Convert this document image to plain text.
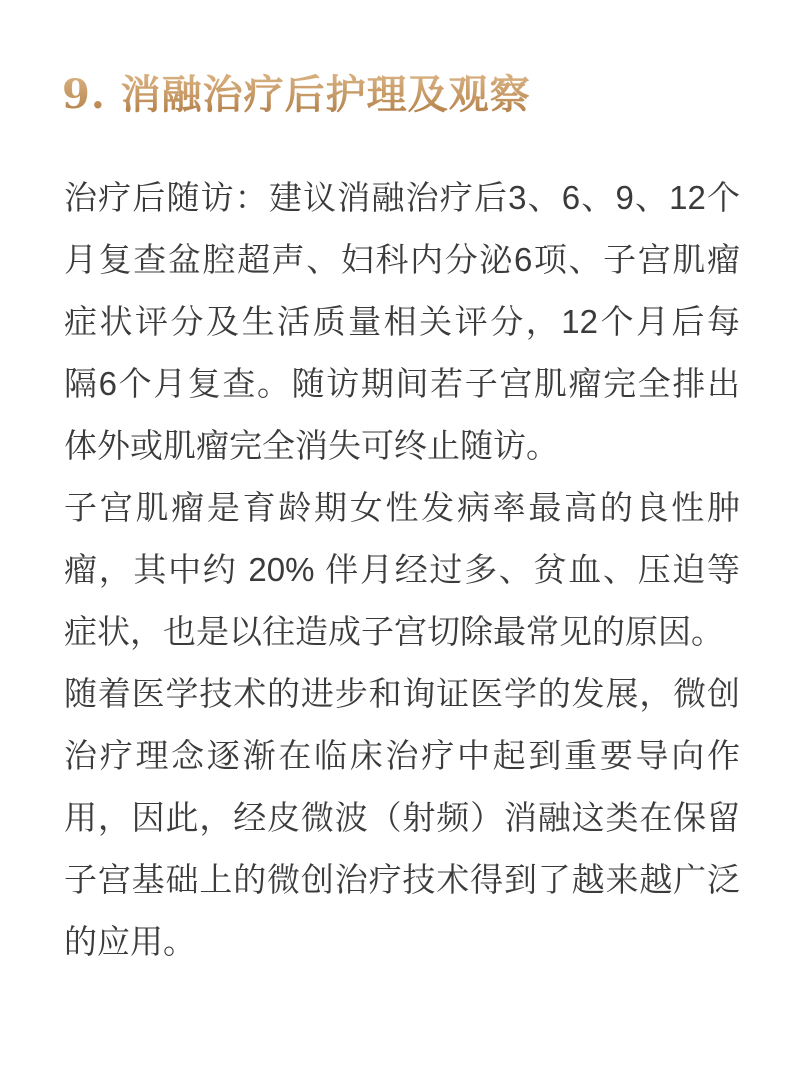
9. 消融治疗后护理及观察

治疗后随访：建议消融治疗后3、6、9、12个
月复查盆腔超声、妇科内分泌6项、子宫肌瘤
症状评分及生活质量相关评分，12个月后每
隔6个月复查。随访期间若子宫肌瘤完全排出
体外或肌瘤完全消失可终止随访。

子宫肌瘤是育龄期女性发病率最高的良性肿
瘤，其中约 20% 伴月经过多、贫血、压迫等
症状，也是以往造成子宫切除最常见的原因。

随着医学技术的进步和询证医学的发展，微创
治疗理念逐渐在临床治疗中起到重要导向作
用，因此，经皮微波（射频）消融这类在保留
子宫基础上的微创治疗技术得到了越来越广泛
的应用。
